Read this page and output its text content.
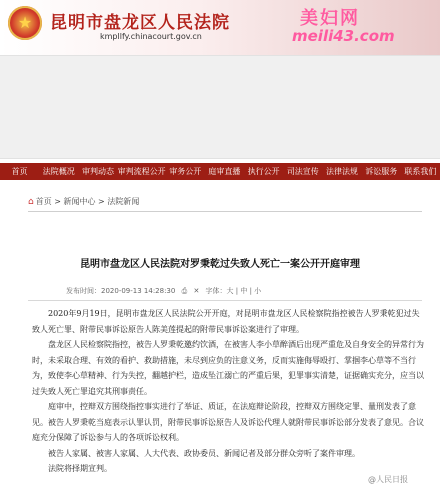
★	昆明市盘龙区人民法院
kmpllfy.chinacourt.gov.cn
美妇网
meili43.com
首页	法院概况 审判动态 审判流程公开 审务公开 庭审直播 执行公开 司法宣传 法律法规 诉讼服务 联系我们
⌂ 首页 > 新闻中心 > 法院新闻
昆明市盘龙区人民法院对罗秉乾过失致人死亡一案公开开庭审理
发布时间：2020-09-13 14:28:30 ⎙ ✕ 字体：大 | 中 | 小

2020年9月19日，昆明市盘龙区人民法院公开开庭，对昆明市盘龙区人民检察院指控被告人罗秉乾犯过失致人死亡罪、附带民事诉讼原告人陈美莲提起的附带民事诉讼案进行了审理。

盘龙区人民检察院指控，被告人罗秉乾邀约饮酒，在被害人李小草醉酒后出现严重危及自身安全的异常行为时，未采取合理、有效的看护、救助措施，未尽到应负的注意义务，反而实施侮辱殴打、掌掴李心草等不当行为，致使李心草精神、行为失控，翻越护栏，造成坠江溺亡的严重后果，犯罪事实清楚，证据确实充分，应当以过失致人死亡罪追究其刑事责任。

庭审中，控辩双方围绕指控事实进行了举证、质证，在法庭辩论阶段，控辩双方围绕定罪、量刑发表了意见。被告人罗秉乾当庭表示认罪认罚，附带民事诉讼原告人及诉讼代理人就附带民事诉讼部分发表了意见。合议庭充分保障了诉讼参与人的各项诉讼权利。

被告人家属、被害人家属、人大代表、政协委员、新闻记者及部分群众旁听了案件审理。

法院将择期宣判。

@人民日报
